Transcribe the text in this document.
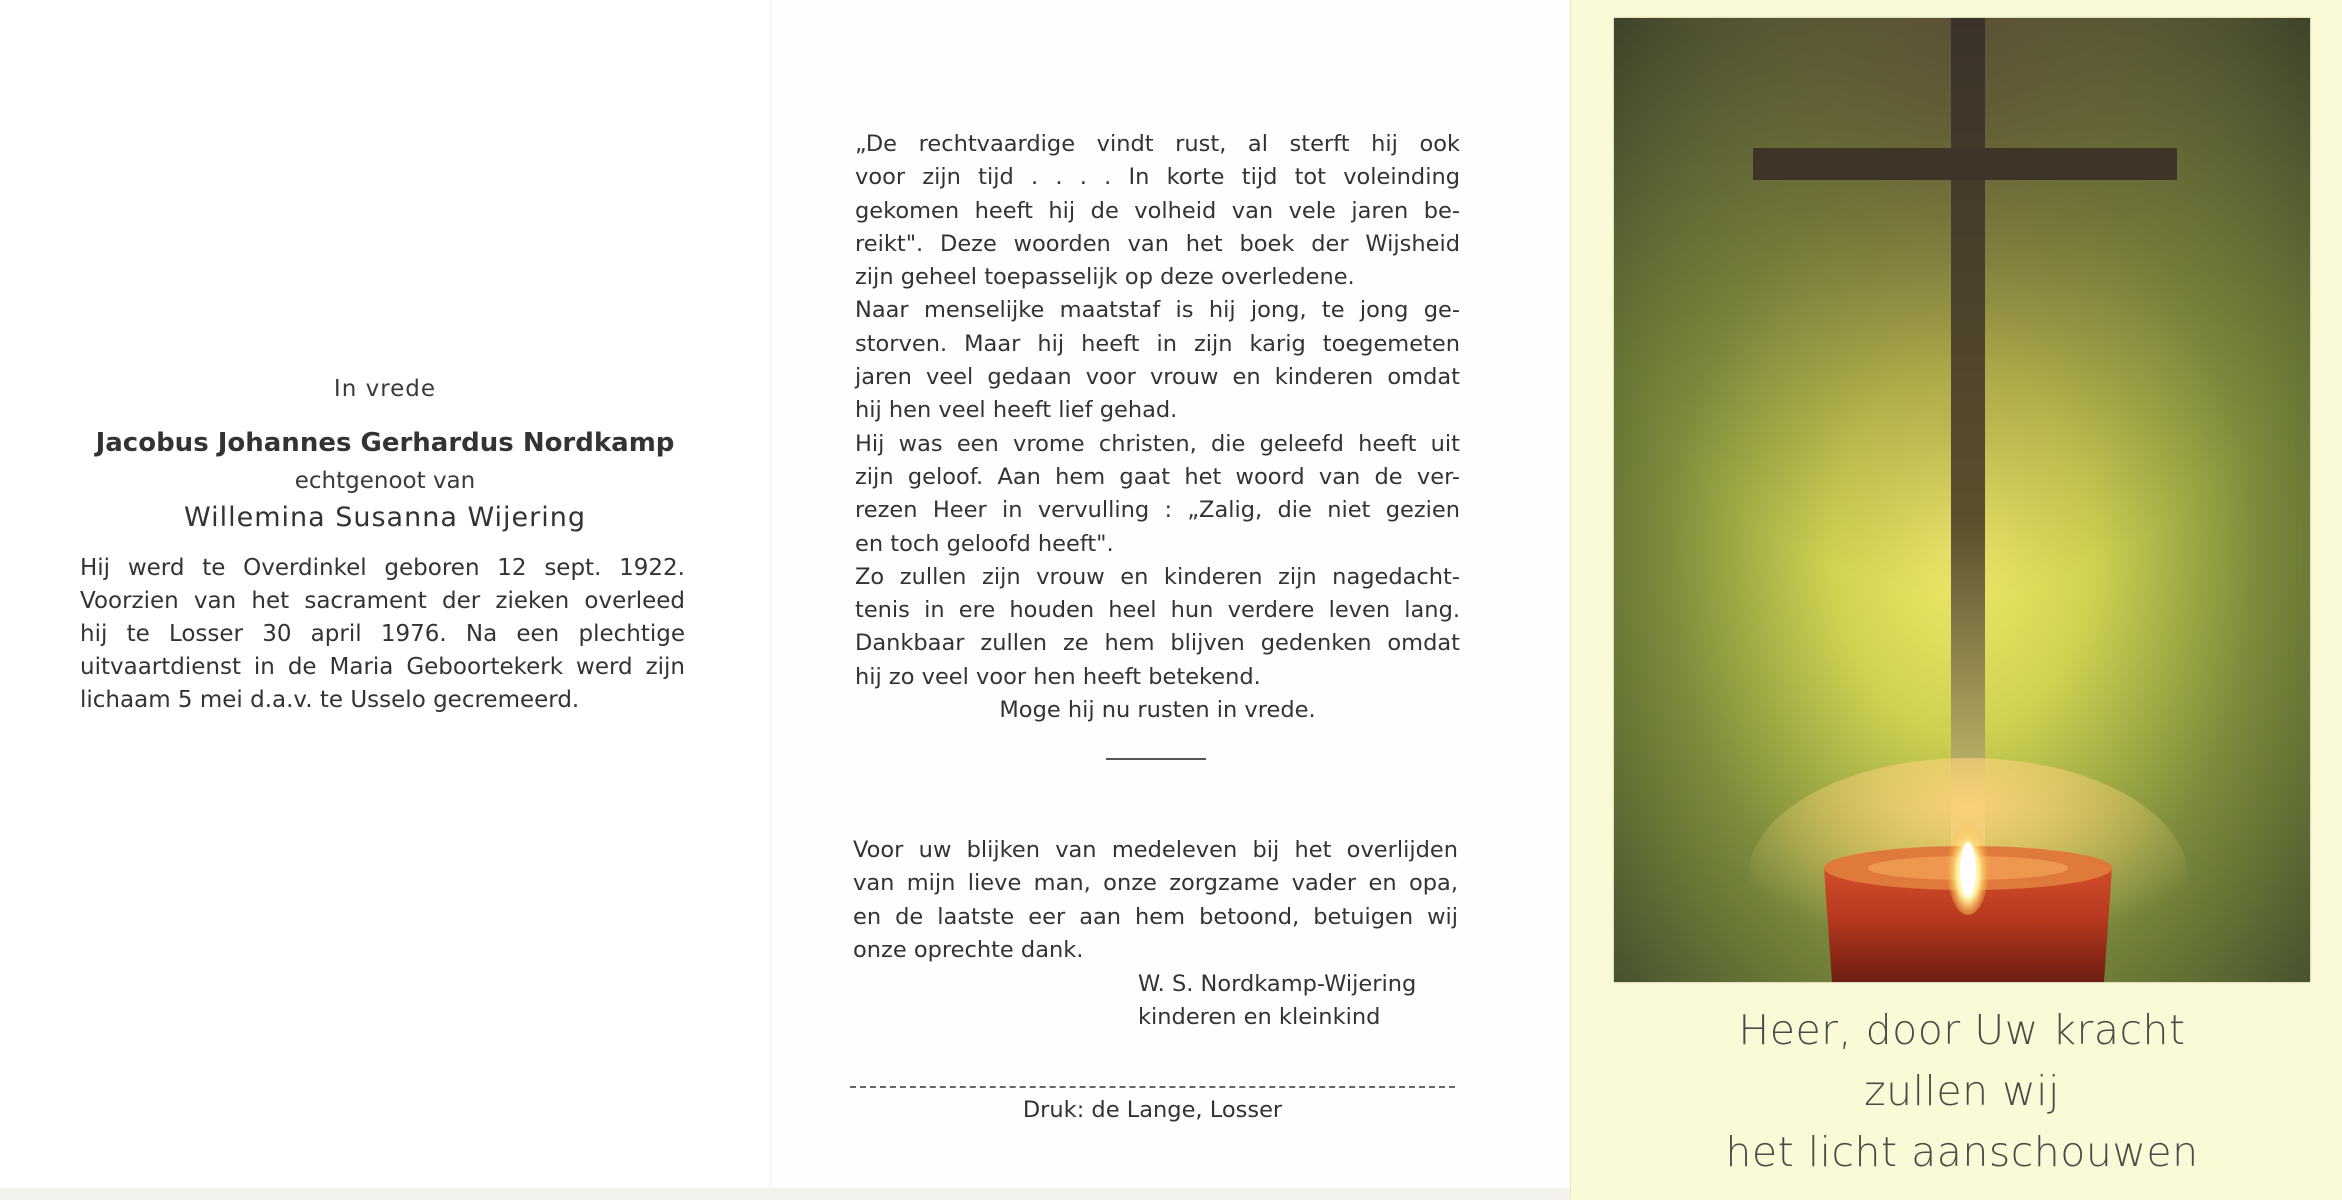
In vrede
Jacobus Johannes Gerhardus Nordkamp
echtgenoot van
Willemina Susanna Wijering
Hij werd te Overdinkel geboren 12 sept. 1922.
Voorzien van het sacrament der zieken overleed
hij te Losser 30 april 1976. Na een plechtige
uitvaartdienst in de Maria Geboortekerk werd zijn
lichaam 5 mei d.a.v. te Usselo gecremeerd.
„De rechtvaardige vindt rust, al sterft hij ook
voor zijn tijd . . . . In korte tijd tot voleinding
gekomen heeft hij de volheid van vele jaren be-
reikt". Deze woorden van het boek der Wijsheid
zijn geheel toepasselijk op deze overledene.
Naar menselijke maatstaf is hij jong, te jong ge-
storven. Maar hij heeft in zijn karig toegemeten
jaren veel gedaan voor vrouw en kinderen omdat
hij hen veel heeft lief gehad.
Hij was een vrome christen, die geleefd heeft uit
zijn geloof. Aan hem gaat het woord van de ver-
rezen Heer in vervulling : „Zalig, die niet gezien
en toch geloofd heeft".
Zo zullen zijn vrouw en kinderen zijn nagedacht-
tenis in ere houden heel hun verdere leven lang.
Dankbaar zullen ze hem blijven gedenken omdat
hij zo veel voor hen heeft betekend.
Moge hij nu rusten in vrede.
Voor uw blijken van medeleven bij het overlijden
van mijn lieve man, onze zorgzame vader en opa,
en de laatste eer aan hem betoond, betuigen wij
onze oprechte dank.
W. S. Nordkamp-Wijering
kinderen en kleinkind
Druk: de Lange, Losser
Heer, door Uw kracht
zullen wij
het licht aanschouwen
